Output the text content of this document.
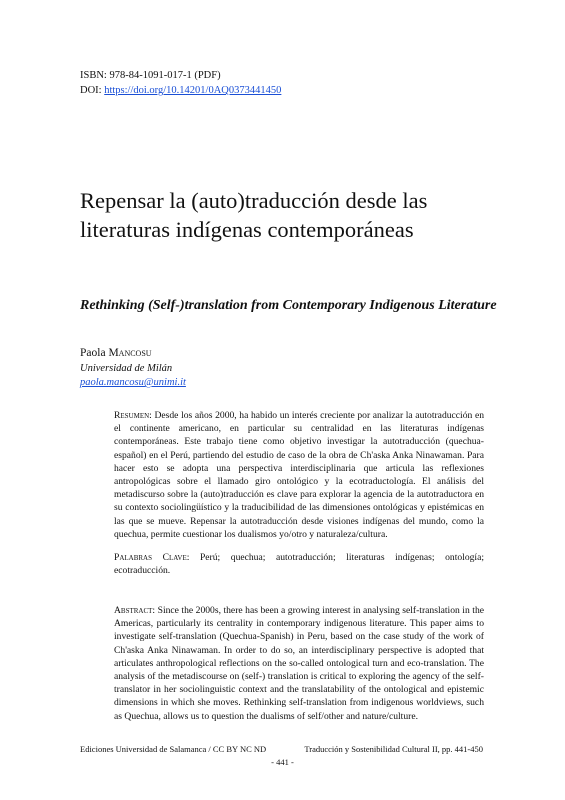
ISBN: 978-84-1091-017-1 (PDF)
DOI: https://doi.org/10.14201/0AQ0373441450
Repensar la (auto)traducción desde las literaturas indígenas contemporáneas
Rethinking (Self-)translation from Contemporary Indigenous Literature
Paola Mancosu
Universidad de Milán
paola.mancosu@unimi.it

Resumen: Desde los años 2000, ha habido un interés creciente por analizar la autotraducción en el continente americano, en particular su centralidad en las literaturas indígenas contemporáneas. Este trabajo tiene como objetivo investigar la autotraducción (quechua-español) en el Perú, partiendo del estudio de caso de la obra de Ch'aska Anka Ninawaman. Para hacer esto se adopta una perspectiva interdisciplinaria que articula las reflexiones antropológicas sobre el llamado giro ontológico y la ecotraductología. El análisis del metadiscurso sobre la (auto)traducción es clave para explorar la agencia de la autotraductora en su contexto sociolingüístico y la traducibilidad de las dimensiones ontológicas y epistémicas en las que se mueve. Repensar la autotraducción desde visiones indígenas del mundo, como la quechua, permite cuestionar los dualismos yo/otro y naturaleza/cultura.

Palabras Clave: Perú; quechua; autotraducción; literaturas indígenas; ontología; ecotraducción.

Abstract: Since the 2000s, there has been a growing interest in analysing self-translation in the Americas, particularly its centrality in contemporary indigenous literature. This paper aims to investigate self-translation (Quechua-Spanish) in Peru, based on the case study of the work of Ch'aska Anka Ninawaman. In order to do so, an interdisciplinary perspective is adopted that articulates anthropological reflections on the so-called ontological turn and eco-translation. The analysis of the metadiscourse on (self-) translation is critical to exploring the agency of the self-translator in her sociolinguistic context and the translatability of the ontological and epistemic dimensions in which she moves. Rethinking self-translation from indigenous worldviews, such as Quechua, allows us to question the dualisms of self/other and nature/culture.

Ediciones Universidad de Salamanca / CC BY NC ND	Traducción y Sostenibilidad Cultural II, pp. 441-450
- 441 -
